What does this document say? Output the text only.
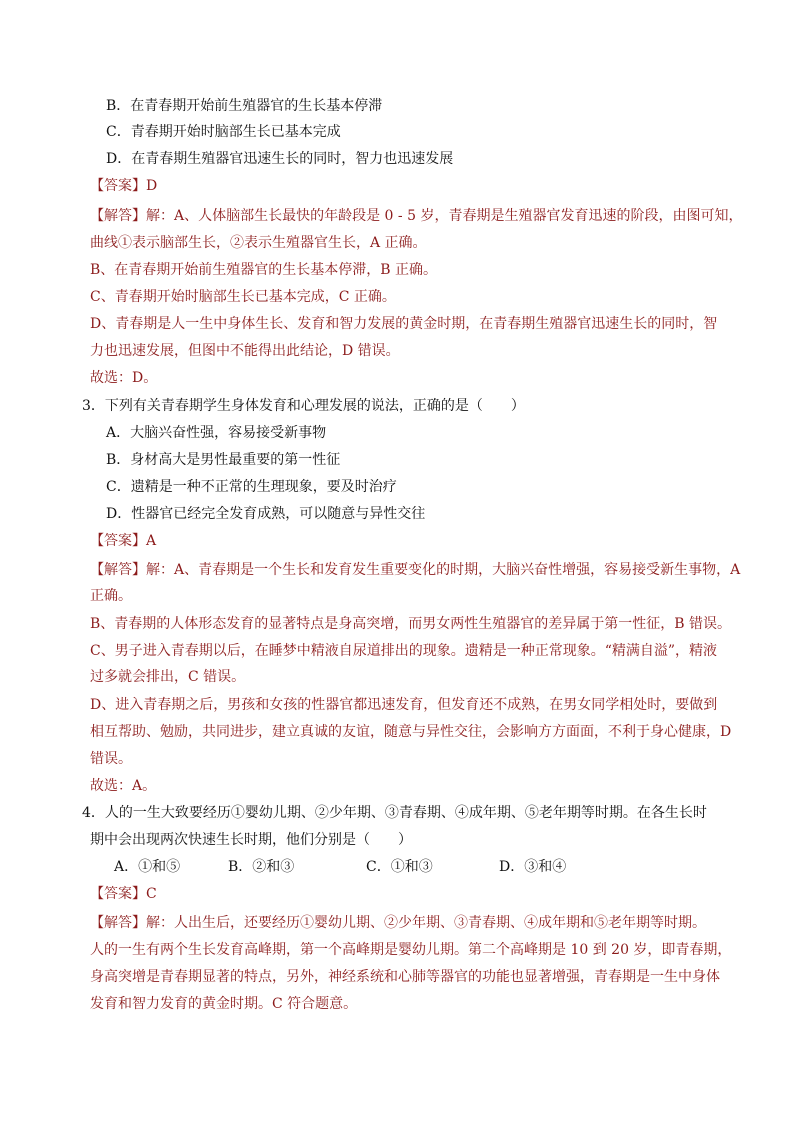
B．在青春期开始前生殖器官的生长基本停滞
C．青春期开始时脑部生长已基本完成
D．在青春期生殖器官迅速生长的同时，智力也迅速发展
【答案】D
【解答】解：A、人体脑部生长最快的年龄段是 0 - 5 岁，青春期是生殖器官发育迅速的阶段，由图可知，
曲线①表示脑部生长，②表示生殖器官生长，A 正确。
B、在青春期开始前生殖器官的生长基本停滞，B 正确。
C、青春期开始时脑部生长已基本完成，C 正确。
D、青春期是人一生中身体生长、发育和智力发展的黄金时期，在青春期生殖器官迅速生长的同时，智
力也迅速发展，但图中不能得出此结论，D 错误。
故选：D。
3．下列有关青春期学生身体发育和心理发展的说法，正确的是（　　）
A．大脑兴奋性强，容易接受新事物
B．身材高大是男性最重要的第一性征
C．遗精是一种不正常的生理现象，要及时治疗
D．性器官已经完全发育成熟，可以随意与异性交往
【答案】A
【解答】解：A、青春期是一个生长和发育发生重要变化的时期，大脑兴奋性增强，容易接受新生事物，A
正确。
B、青春期的人体形态发育的显著特点是身高突增，而男女两性生殖器官的差异属于第一性征，B 错误。
C、男子进入青春期以后，在睡梦中精液自尿道排出的现象。遗精是一种正常现象。“精满自溢”，精液
过多就会排出，C 错误。
D、进入青春期之后，男孩和女孩的性器官都迅速发育，但发育还不成熟，在男女同学相处时，要做到
相互帮助、勉励，共同进步，建立真诚的友谊，随意与异性交往，会影响方方面面，不利于身心健康，D
错误。
故选：A。
4．人的一生大致要经历①婴幼儿期、②少年期、③青春期、④成年期、⑤老年期等时期。在各生长时
期中会出现两次快速生长时期，他们分别是（　　）
A．①和⑤	B．②和③	C．①和③	D．③和④
【答案】C
【解答】解：人出生后，还要经历①婴幼儿期、②少年期、③青春期、④成年期和⑤老年期等时期。
人的一生有两个生长发育高峰期，第一个高峰期是婴幼儿期。第二个高峰期是 10 到 20 岁，即青春期，
身高突增是青春期显著的特点，另外，神经系统和心肺等器官的功能也显著增强，青春期是一生中身体
发育和智力发育的黄金时期。C 符合题意。
